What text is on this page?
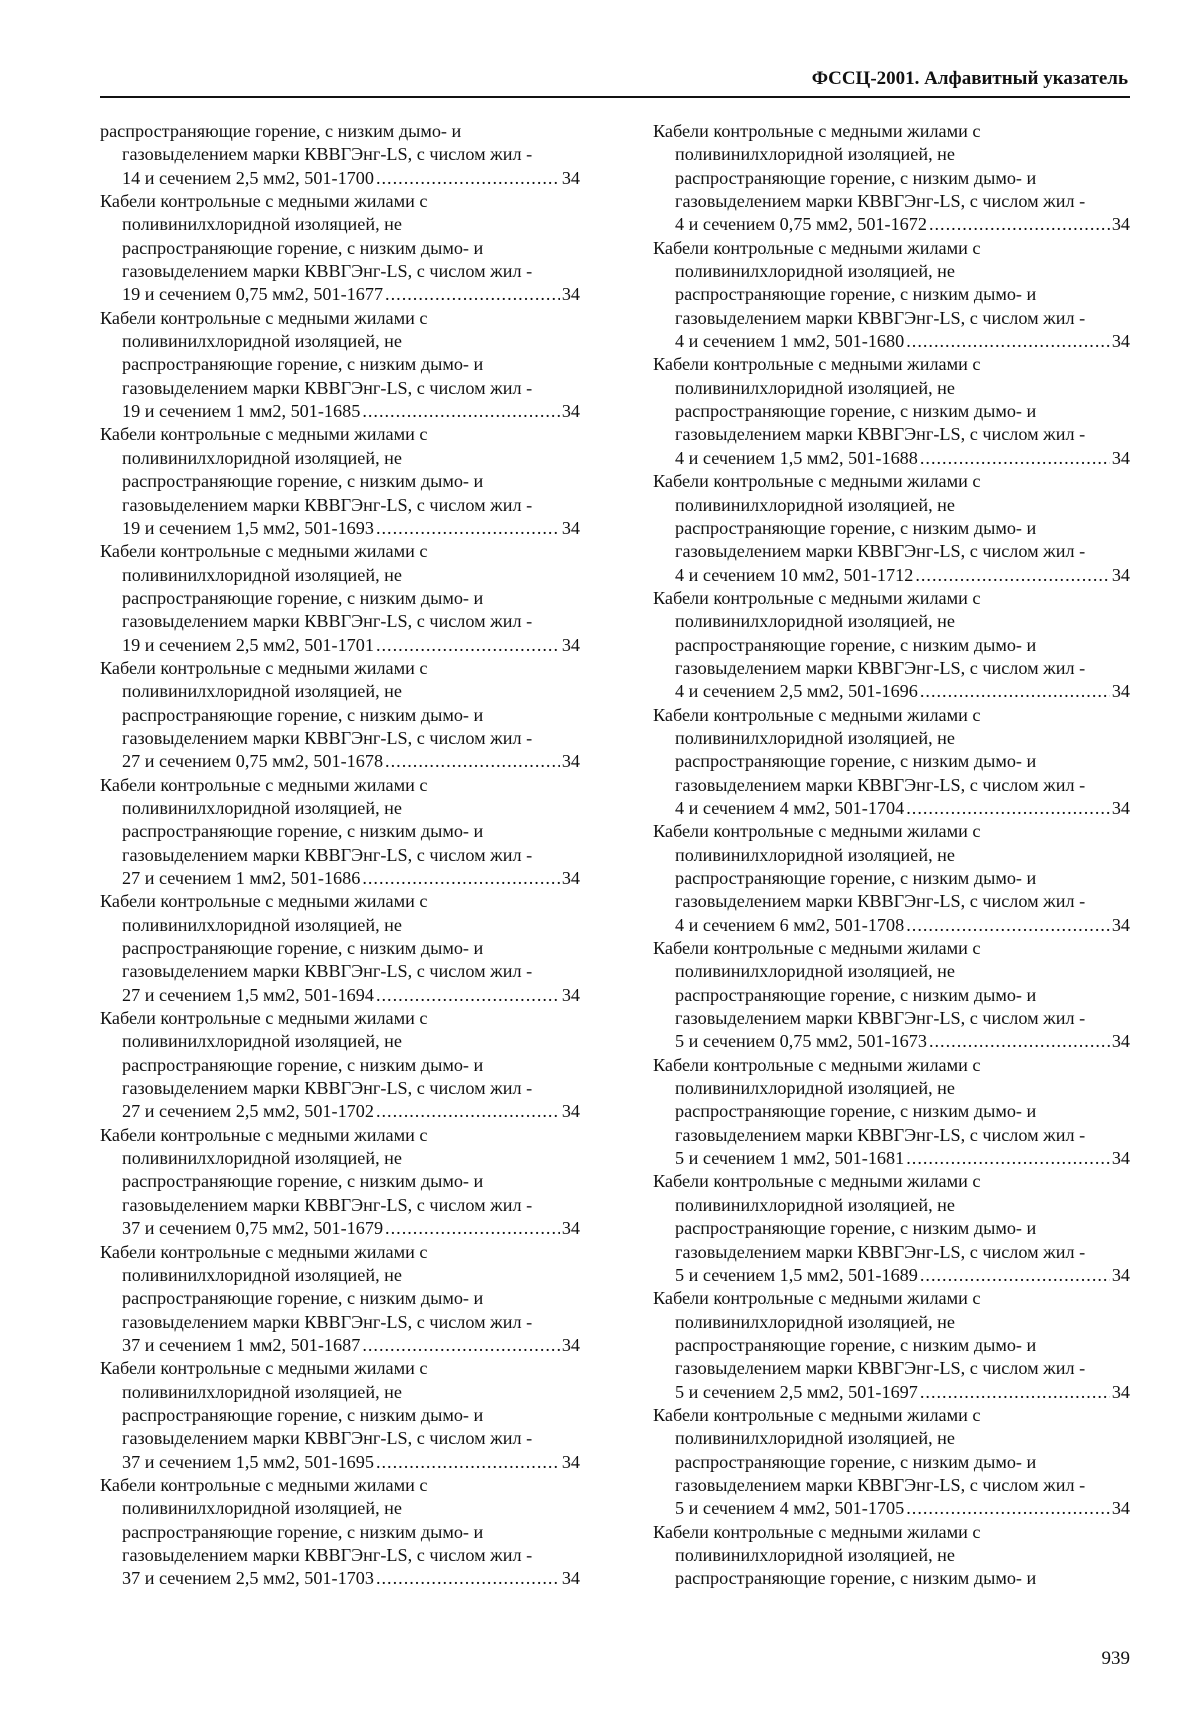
ФССЦ-2001. Алфавитный указатель
распространяющие горение, с низким дымо- и
газовыделением марки КВВГЭнг-LS, с числом жил -
14 и сечением 2,5 мм2, 501-1700 .....	34
Кабели контрольные с медными жилами с
поливинилхлоридной изоляцией, не
распространяющие горение, с низким дымо- и
газовыделением марки КВВГЭнг-LS, с числом жил -
19 и сечением 0,75 мм2, 501-1677 .....	34
Кабели контрольные с медными жилами с
поливинилхлоридной изоляцией, не
распространяющие горение, с низким дымо- и
газовыделением марки КВВГЭнг-LS, с числом жил -
19 и сечением 1 мм2, 501-1685 .....	34
Кабели контрольные с медными жилами с
поливинилхлоридной изоляцией, не
распространяющие горение, с низким дымо- и
газовыделением марки КВВГЭнг-LS, с числом жил -
19 и сечением 1,5 мм2, 501-1693 .....	34
Кабели контрольные с медными жилами с
поливинилхлоридной изоляцией, не
распространяющие горение, с низким дымо- и
газовыделением марки КВВГЭнг-LS, с числом жил -
19 и сечением 2,5 мм2, 501-1701 .....	34
Кабели контрольные с медными жилами с
поливинилхлоридной изоляцией, не
распространяющие горение, с низким дымо- и
газовыделением марки КВВГЭнг-LS, с числом жил -
27 и сечением 0,75 мм2, 501-1678 .....	34
Кабели контрольные с медными жилами с
поливинилхлоридной изоляцией, не
распространяющие горение, с низким дымо- и
газовыделением марки КВВГЭнг-LS, с числом жил -
27 и сечением 1 мм2, 501-1686 .....	34
Кабели контрольные с медными жилами с
поливинилхлоридной изоляцией, не
распространяющие горение, с низким дымо- и
газовыделением марки КВВГЭнг-LS, с числом жил -
27 и сечением 1,5 мм2, 501-1694 .....	34
Кабели контрольные с медными жилами с
поливинилхлоридной изоляцией, не
распространяющие горение, с низким дымо- и
газовыделением марки КВВГЭнг-LS, с числом жил -
27 и сечением 2,5 мм2, 501-1702 .....	34
Кабели контрольные с медными жилами с
поливинилхлоридной изоляцией, не
распространяющие горение, с низким дымо- и
газовыделением марки КВВГЭнг-LS, с числом жил -
37 и сечением 0,75 мм2, 501-1679 .....	34
Кабели контрольные с медными жилами с
поливинилхлоридной изоляцией, не
распространяющие горение, с низким дымо- и
газовыделением марки КВВГЭнг-LS, с числом жил -
37 и сечением 1 мм2, 501-1687 .....	34
Кабели контрольные с медными жилами с
поливинилхлоридной изоляцией, не
распространяющие горение, с низким дымо- и
газовыделением марки КВВГЭнг-LS, с числом жил -
37 и сечением 1,5 мм2, 501-1695 .....	34
Кабели контрольные с медными жилами с
поливинилхлоридной изоляцией, не
распространяющие горение, с низким дымо- и
газовыделением марки КВВГЭнг-LS, с числом жил -
37 и сечением 2,5 мм2, 501-1703 .....	34
Кабели контрольные с медными жилами с
поливинилхлоридной изоляцией, не
распространяющие горение, с низким дымо- и
газовыделением марки КВВГЭнг-LS, с числом жил -
4 и сечением 0,75 мм2, 501-1672 .....	34
Кабели контрольные с медными жилами с
поливинилхлоридной изоляцией, не
распространяющие горение, с низким дымо- и
газовыделением марки КВВГЭнг-LS, с числом жил -
4 и сечением 1 мм2, 501-1680 .....	34
Кабели контрольные с медными жилами с
поливинилхлоридной изоляцией, не
распространяющие горение, с низким дымо- и
газовыделением марки КВВГЭнг-LS, с числом жил -
4 и сечением 1,5 мм2, 501-1688 .....	34
Кабели контрольные с медными жилами с
поливинилхлоридной изоляцией, не
распространяющие горение, с низким дымо- и
газовыделением марки КВВГЭнг-LS, с числом жил -
4 и сечением 10 мм2, 501-1712 .....	34
Кабели контрольные с медными жилами с
поливинилхлоридной изоляцией, не
распространяющие горение, с низким дымо- и
газовыделением марки КВВГЭнг-LS, с числом жил -
4 и сечением 2,5 мм2, 501-1696 .....	34
Кабели контрольные с медными жилами с
поливинилхлоридной изоляцией, не
распространяющие горение, с низким дымо- и
газовыделением марки КВВГЭнг-LS, с числом жил -
4 и сечением 4 мм2, 501-1704 .....	34
Кабели контрольные с медными жилами с
поливинилхлоридной изоляцией, не
распространяющие горение, с низким дымо- и
газовыделением марки КВВГЭнг-LS, с числом жил -
4 и сечением 6 мм2, 501-1708 .....	34
Кабели контрольные с медными жилами с
поливинилхлоридной изоляцией, не
распространяющие горение, с низким дымо- и
газовыделением марки КВВГЭнг-LS, с числом жил -
5 и сечением 0,75 мм2, 501-1673 .....	34
Кабели контрольные с медными жилами с
поливинилхлоридной изоляцией, не
распространяющие горение, с низким дымо- и
газовыделением марки КВВГЭнг-LS, с числом жил -
5 и сечением 1 мм2, 501-1681 .....	34
Кабели контрольные с медными жилами с
поливинилхлоридной изоляцией, не
распространяющие горение, с низким дымо- и
газовыделением марки КВВГЭнг-LS, с числом жил -
5 и сечением 1,5 мм2, 501-1689 .....	34
Кабели контрольные с медными жилами с
поливинилхлоридной изоляцией, не
распространяющие горение, с низким дымо- и
газовыделением марки КВВГЭнг-LS, с числом жил -
5 и сечением 2,5 мм2, 501-1697 .....	34
Кабели контрольные с медными жилами с
поливинилхлоридной изоляцией, не
распространяющие горение, с низким дымо- и
газовыделением марки КВВГЭнг-LS, с числом жил -
5 и сечением 4 мм2, 501-1705 .....	34
Кабели контрольные с медными жилами с
поливинилхлоридной изоляцией, не
распространяющие горение, с низким дымо- и
939
